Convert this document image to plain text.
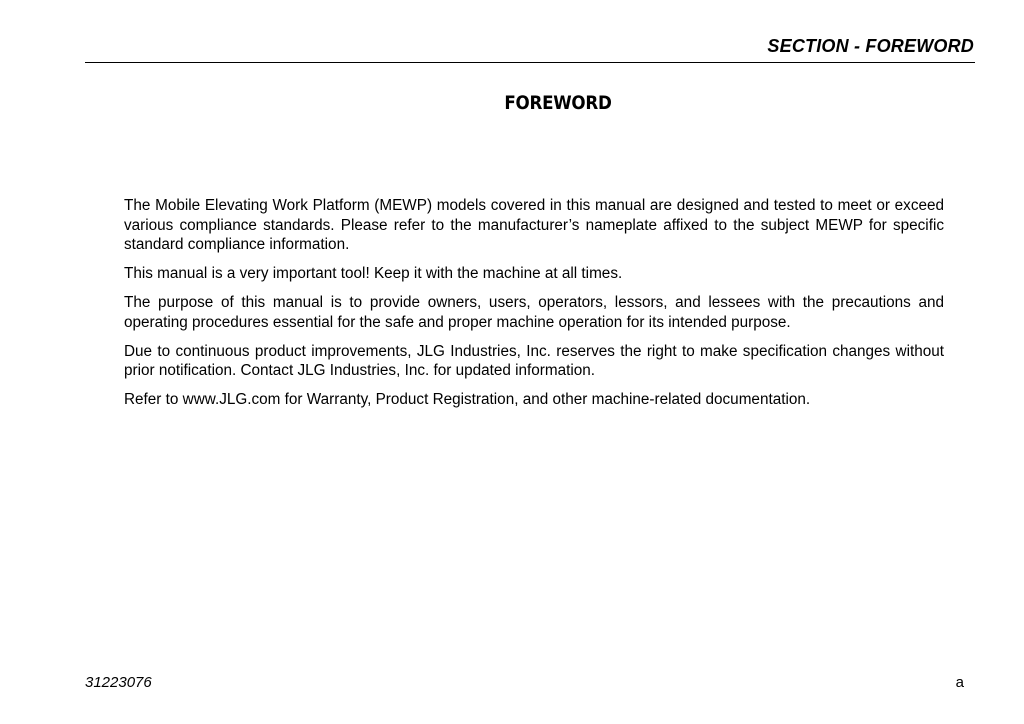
SECTION - FOREWORD
FOREWORD

The Mobile Elevating Work Platform (MEWP) models covered in this manual are designed and tested to meet or exceed various compliance standards. Please refer to the manufacturer’s nameplate affixed to the subject MEWP for specific standard compliance information.

This manual is a very important tool! Keep it with the machine at all times.

The purpose of this manual is to provide owners, users, operators, lessors, and lessees with the precautions and operating procedures essential for the safe and proper machine operation for its intended purpose.

Due to continuous product improvements, JLG Industries, Inc. reserves the right to make specification changes without prior notification. Contact JLG Industries, Inc. for updated information.

Refer to www.JLG.com for Warranty, Product Registration, and other machine-related documentation.

31223076	a
